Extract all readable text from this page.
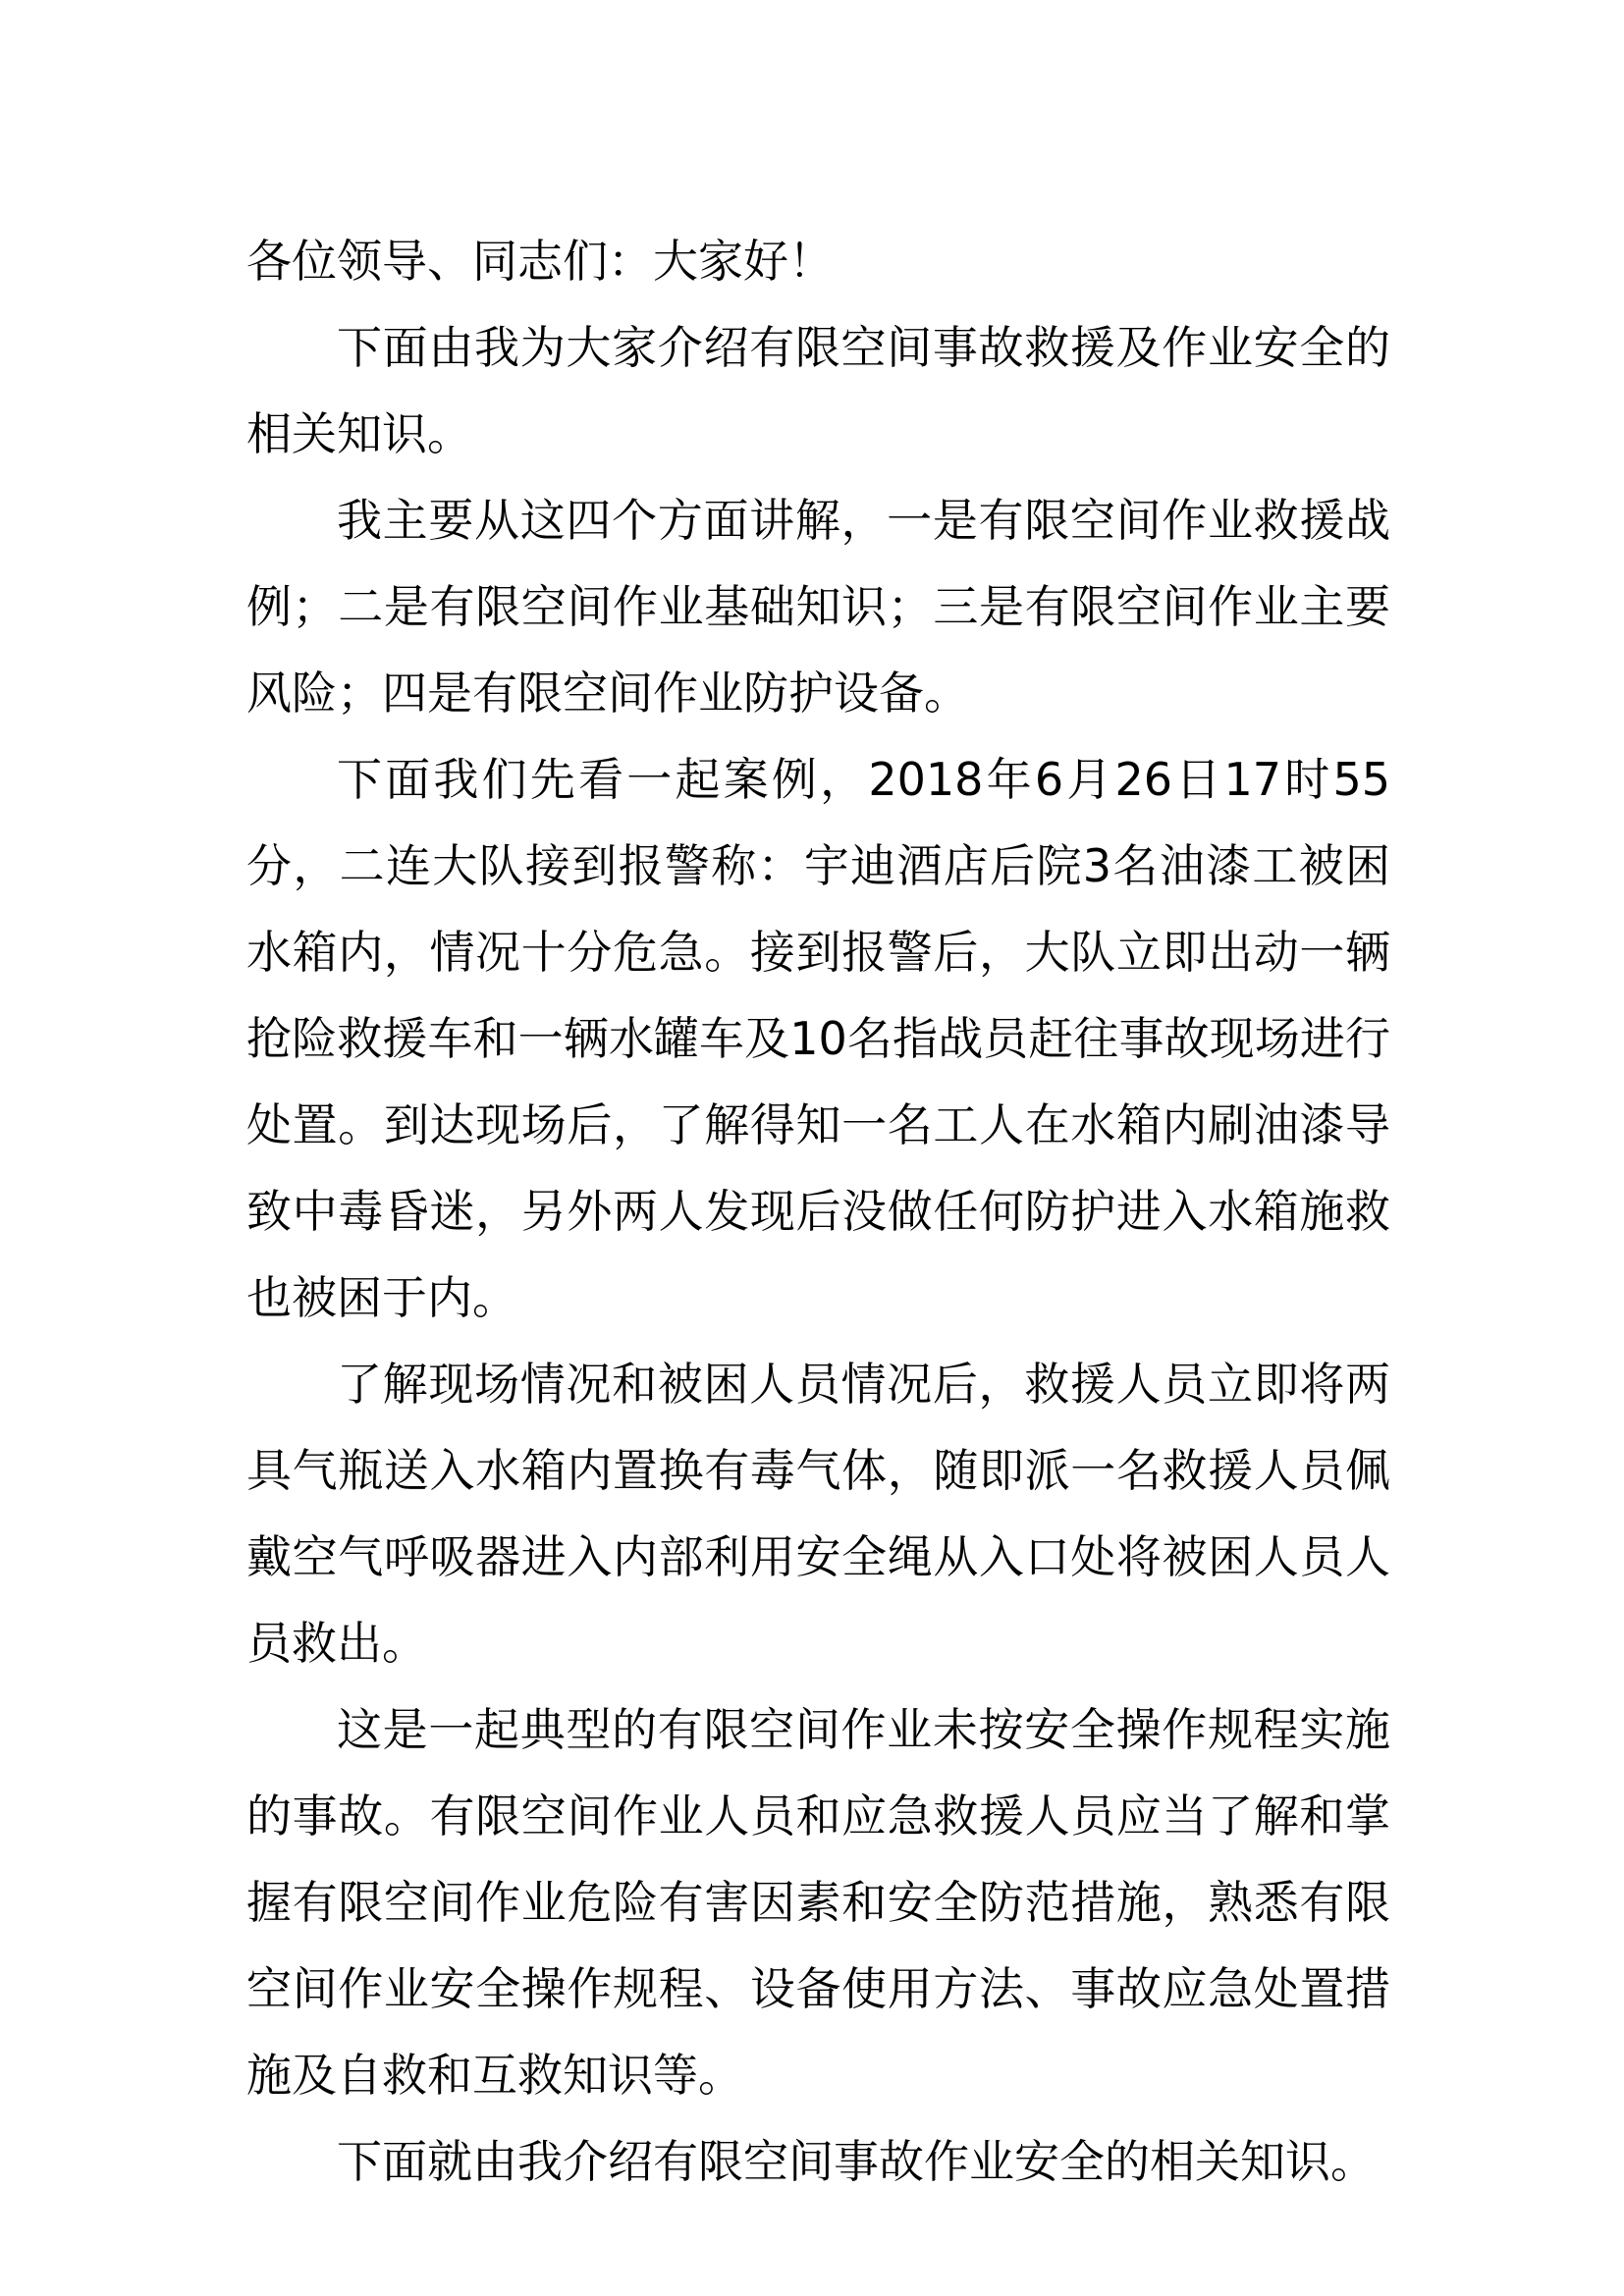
各位领导、同志们：大家好！

下面由我为大家介绍有限空间事故救援及作业安全的相关知识。

我主要从这四个方面讲解，一是有限空间作业救援战例；二是有限空间作业基础知识；三是有限空间作业主要风险；四是有限空间作业防护设备。

下面我们先看一起案例，2018年6月26日17时55分，二连大队接到报警称：宇迪酒店后院3名油漆工被困水箱内，情况十分危急。接到报警后，大队立即出动一辆抢险救援车和一辆水罐车及10名指战员赶往事故现场进行处置。到达现场后，了解得知一名工人在水箱内刷油漆导致中毒昏迷，另外两人发现后没做任何防护进入水箱施救也被困于内。

了解现场情况和被困人员情况后，救援人员立即将两具气瓶送入水箱内置换有毒气体，随即派一名救援人员佩戴空气呼吸器进入内部利用安全绳从入口处将被困人员人员救出。

这是一起典型的有限空间作业未按安全操作规程实施的事故。有限空间作业人员和应急救援人员应当了解和掌握有限空间作业危险有害因素和安全防范措施，熟悉有限空间作业安全操作规程、设备使用方法、事故应急处置措施及自救和互救知识等。

下面就由我介绍有限空间事故作业安全的相关知识。
